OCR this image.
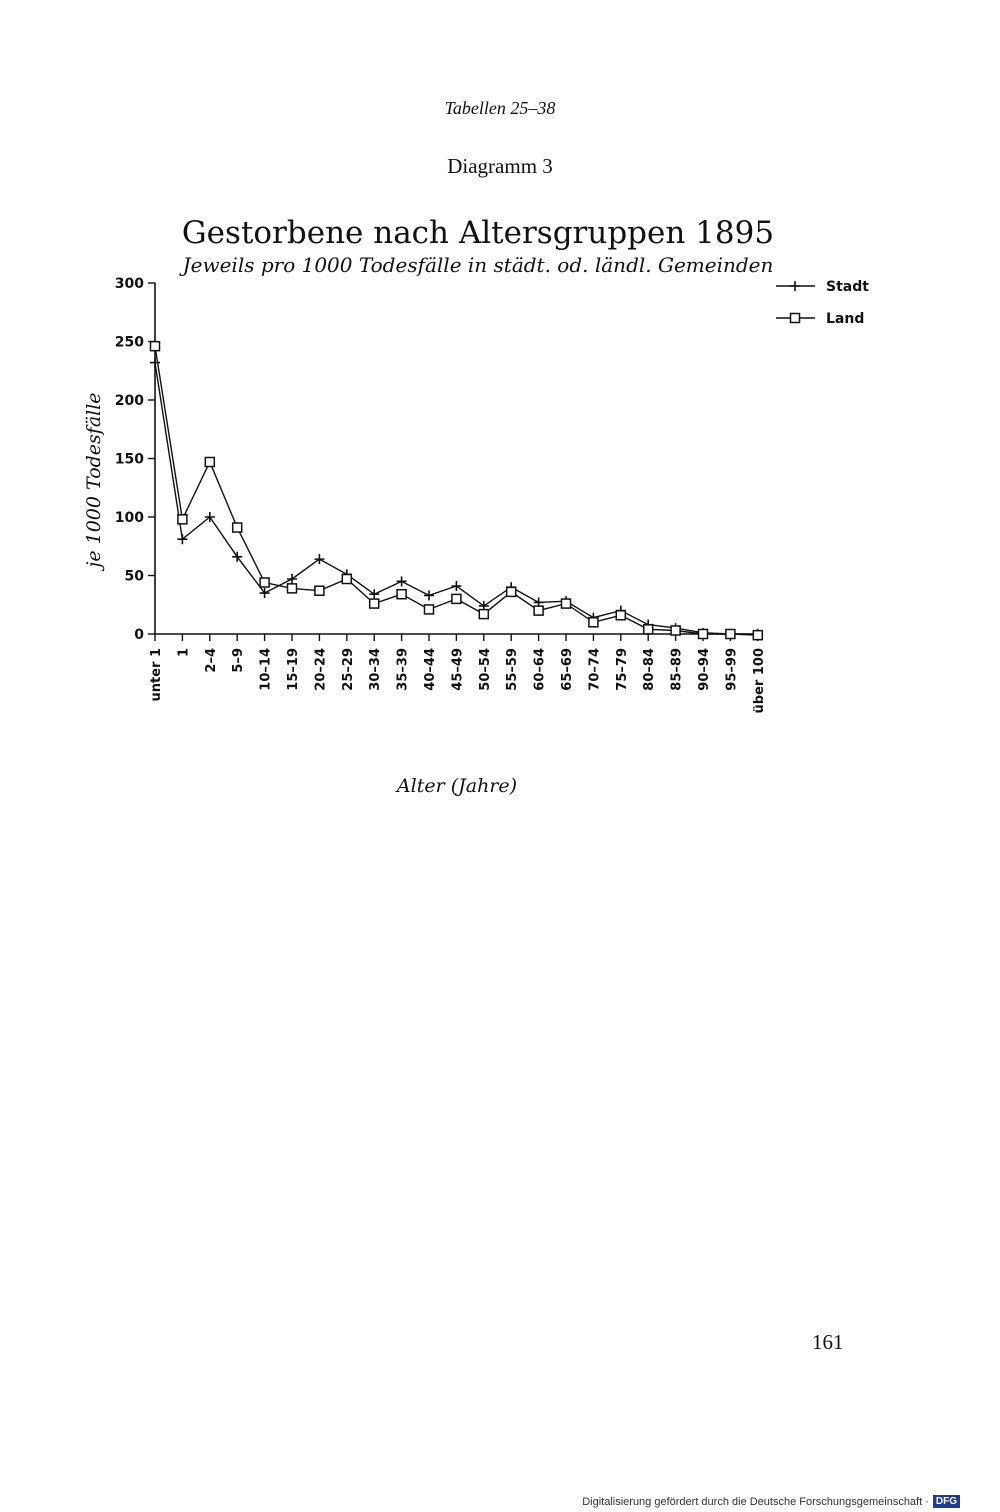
Tabellen 25–38
Diagramm 3
Gestorbene nach Altersgruppen 1895
Jeweils pro 1000 Todesfälle in städt. od. ländl. Gemeinden
0
50
100
150
200
250
300
unter 1 1 2–4 5–9 10–14 15–19 20–24 25–29 30–34 35–39 40–44 45–49 50–54 55–59 60–64 65–69 70–74 75–79 80–84 85–89 90–94 95–99 über 100
je 1000 Todesfälle
Alter (Jahre)
Stadt
Land
161
Digitalisierung gefördert durch die Deutsche Forschungsgemeinschaft · DFG
